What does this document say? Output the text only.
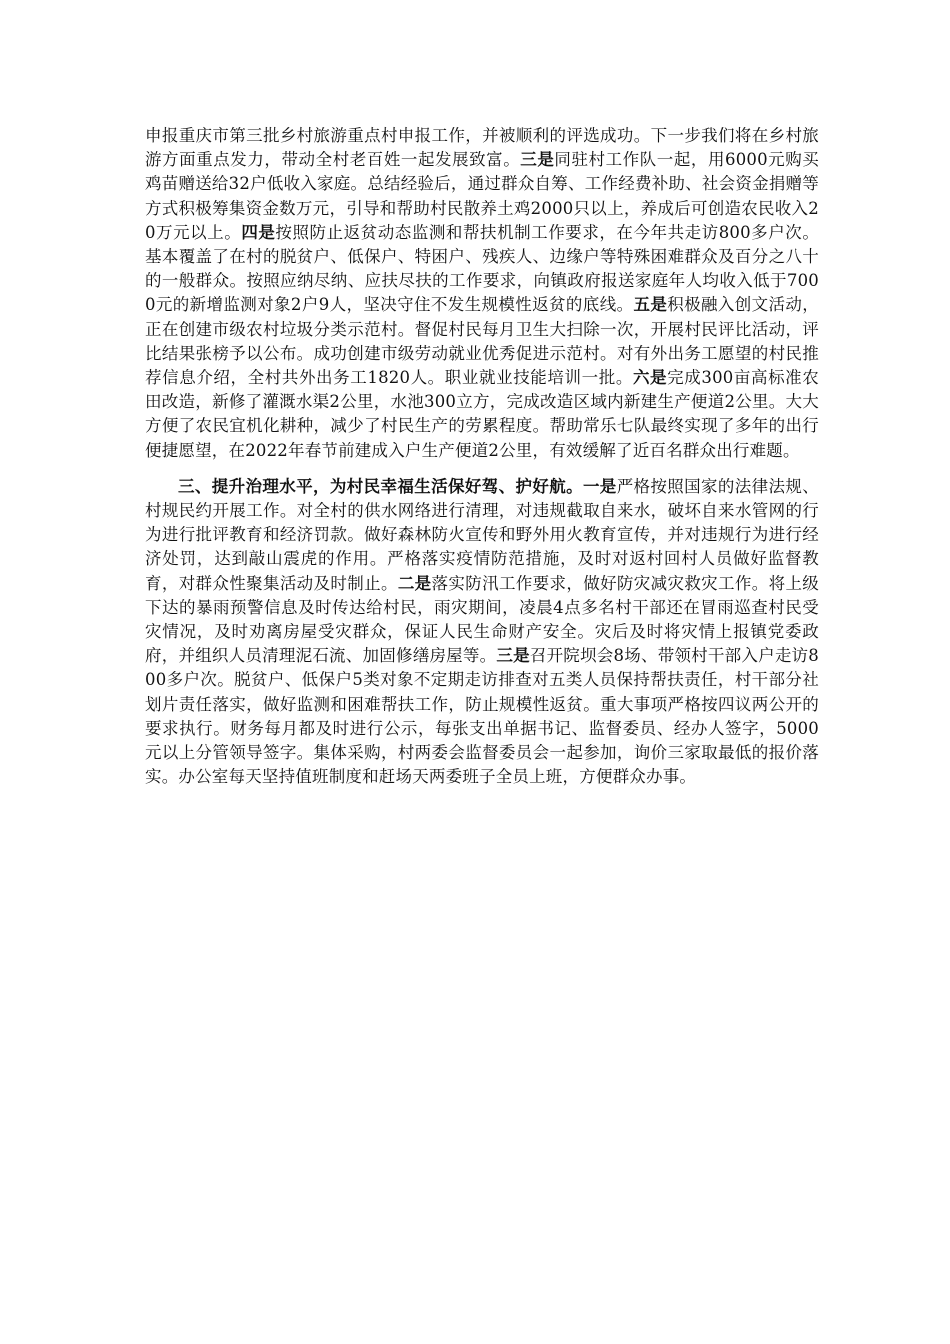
申报重庆市第三批乡村旅游重点村申报工作，并被顺利的评选成功。下一步我们将在乡村旅游方面重点发力，带动全村老百姓一起发展致富。三是同驻村工作队一起，用6000元购买鸡苗赠送给32户低收入家庭。总结经验后，通过群众自筹、工作经费补助、社会资金捐赠等方式积极筹集资金数万元，引导和帮助村民散养土鸡2000只以上，养成后可创造农民收入20万元以上。四是按照防止返贫动态监测和帮扶机制工作要求，在今年共走访800多户次。基本覆盖了在村的脱贫户、低保户、特困户、残疾人、边缘户等特殊困难群众及百分之八十的一般群众。按照应纳尽纳、应扶尽扶的工作要求，向镇政府报送家庭年人均收入低于7000元的新增监测对象2户9人，坚决守住不发生规模性返贫的底线。五是积极融入创文活动，正在创建市级农村垃圾分类示范村。督促村民每月卫生大扫除一次，开展村民评比活动，评比结果张榜予以公布。成功创建市级劳动就业优秀促进示范村。对有外出务工愿望的村民推荐信息介绍，全村共外出务工1820人。职业就业技能培训一批。六是完成300亩高标准农田改造，新修了灌溉水渠2公里，水池300立方，完成改造区域内新建生产便道2公里。大大方便了农民宜机化耕种，减少了村民生产的劳累程度。帮助常乐七队最终实现了多年的出行便捷愿望，在2022年春节前建成入户生产便道2公里，有效缓解了近百名群众出行难题。

三、提升治理水平，为村民幸福生活保好驾、护好航。一是严格按照国家的法律法规、村规民约开展工作。对全村的供水网络进行清理，对违规截取自来水，破坏自来水管网的行为进行批评教育和经济罚款。做好森林防火宣传和野外用火教育宣传，并对违规行为进行经济处罚，达到敲山震虎的作用。严格落实疫情防范措施，及时对返村回村人员做好监督教育，对群众性聚集活动及时制止。二是落实防汛工作要求，做好防灾减灾救灾工作。将上级下达的暴雨预警信息及时传达给村民，雨灾期间，凌晨4点多名村干部还在冒雨巡查村民受灾情况，及时劝离房屋受灾群众，保证人民生命财产安全。灾后及时将灾情上报镇党委政府，并组织人员清理泥石流、加固修缮房屋等。三是召开院坝会8场、带领村干部入户走访800多户次。脱贫户、低保户5类对象不定期走访排查对五类人员保持帮扶责任，村干部分社划片责任落实，做好监测和困难帮扶工作，防止规模性返贫。重大事项严格按四议两公开的要求执行。财务每月都及时进行公示，每张支出单据书记、监督委员、经办人签字，5000元以上分管领导签字。集体采购，村两委会监督委员会一起参加，询价三家取最低的报价落实。办公室每天坚持值班制度和赶场天两委班子全员上班，方便群众办事。
